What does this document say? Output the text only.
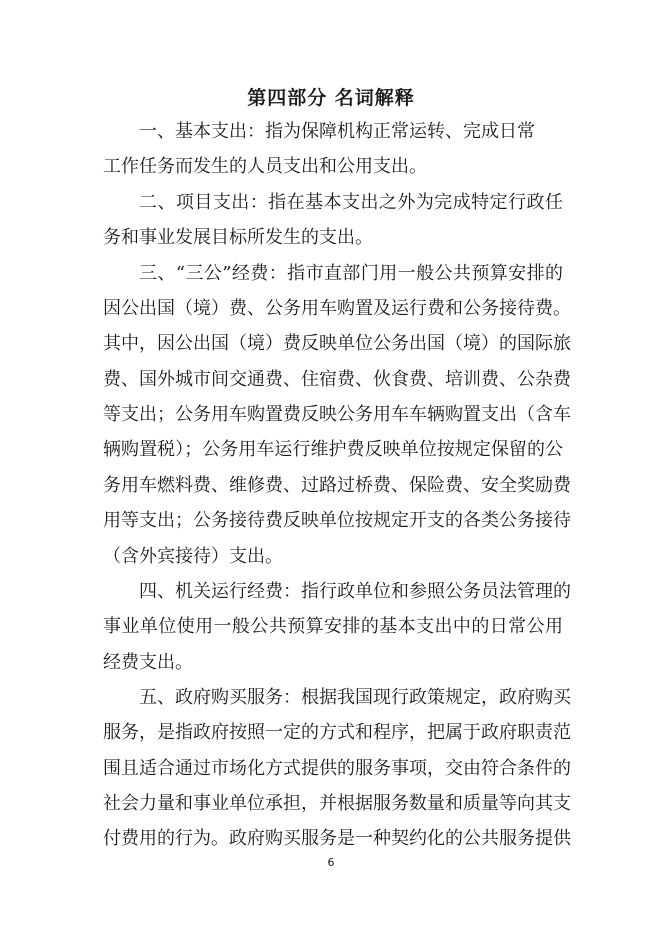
第四部分 名词解释
一、基本支出：指为保障机构正常运转、完成日常
工作任务而发生的人员支出和公用支出。
二、项目支出：指在基本支出之外为完成特定行政任
务和事业发展目标所发生的支出。
三、“三公”经费：指市直部门用一般公共预算安排的
因公出国（境）费、公务用车购置及运行费和公务接待费。
其中，因公出国（境）费反映单位公务出国（境）的国际旅
费、国外城市间交通费、住宿费、伙食费、培训费、公杂费
等支出；公务用车购置费反映公务用车车辆购置支出（含车
辆购置税）；公务用车运行维护费反映单位按规定保留的公
务用车燃料费、维修费、过路过桥费、保险费、安全奖励费
用等支出；公务接待费反映单位按规定开支的各类公务接待
（含外宾接待）支出。
四、机关运行经费：指行政单位和参照公务员法管理的
事业单位使用一般公共预算安排的基本支出中的日常公用
经费支出。
五、政府购买服务：根据我国现行政策规定，政府购买
服务，是指政府按照一定的方式和程序，把属于政府职责范
围且适合通过市场化方式提供的服务事项，交由符合条件的
社会力量和事业单位承担，并根据服务数量和质量等向其支
付费用的行为。政府购买服务是一种契约化的公共服务提供
6
